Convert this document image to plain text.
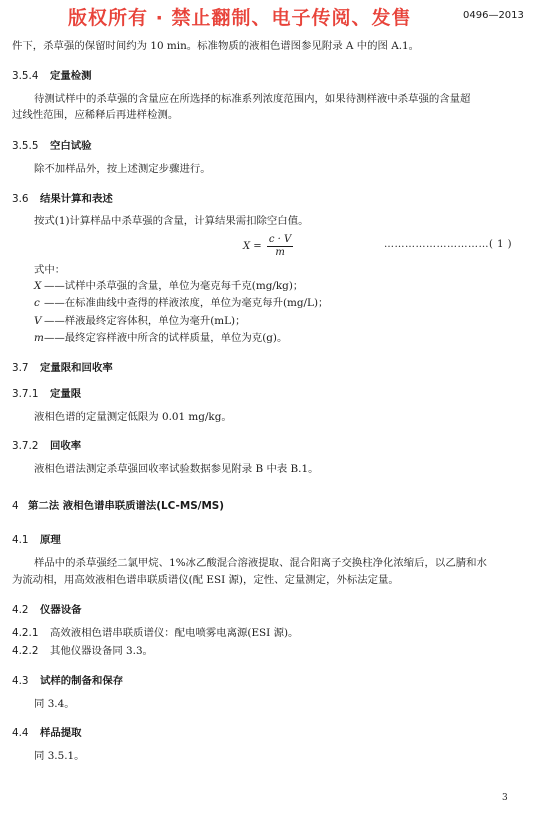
版权所有 · 禁止翻制、电子传阅、发售	0496—2013
件下，杀草强的保留时间约为 10 min。标准物质的液相色谱图参见附录 A 中的图 A.1。
3.5.4 定量检测
待测试样中的杀草强的含量应在所选择的标准系列浓度范围内，如果待测样液中杀草强的含量超
过线性范围，应稀释后再进样检测。
3.5.5 空白试验
除不加样品外，按上述测定步骤进行。
3.6 结果计算和表述
按式(1)计算样品中杀草强的含量，计算结果需扣除空白值。
$X = \frac{c \cdot V}{m}$	…………………………( 1 )
式中：
X ——试样中杀草强的含量，单位为毫克每千克(mg/kg)；
c ——在标准曲线中查得的样液浓度，单位为毫克每升(mg/L)；
V ——样液最终定容体积，单位为毫升(mL)；
m——最终定容样液中所含的试样质量，单位为克(g)。
3.7 定量限和回收率
3.7.1 定量限
液相色谱的定量测定低限为 0.01 mg/kg。
3.7.2 回收率
液相色谱法测定杀草强回收率试验数据参见附录 B 中表 B.1。
4 第二法 液相色谱串联质谱法(LC-MS/MS)
4.1 原理
样品中的杀草强经二氯甲烷、1%冰乙酸混合溶液提取、混合阳离子交换柱净化浓缩后，以乙腈和水
为流动相，用高效液相色谱串联质谱仪(配 ESI 源)，定性、定量测定，外标法定量。
4.2 仪器设备
4.2.1 高效液相色谱串联质谱仪：配电喷雾电离源(ESI 源)。
4.2.2 其他仪器设备同 3.3。
4.3 试样的制备和保存
同 3.4。
4.4 样品提取
同 3.5.1。
3
